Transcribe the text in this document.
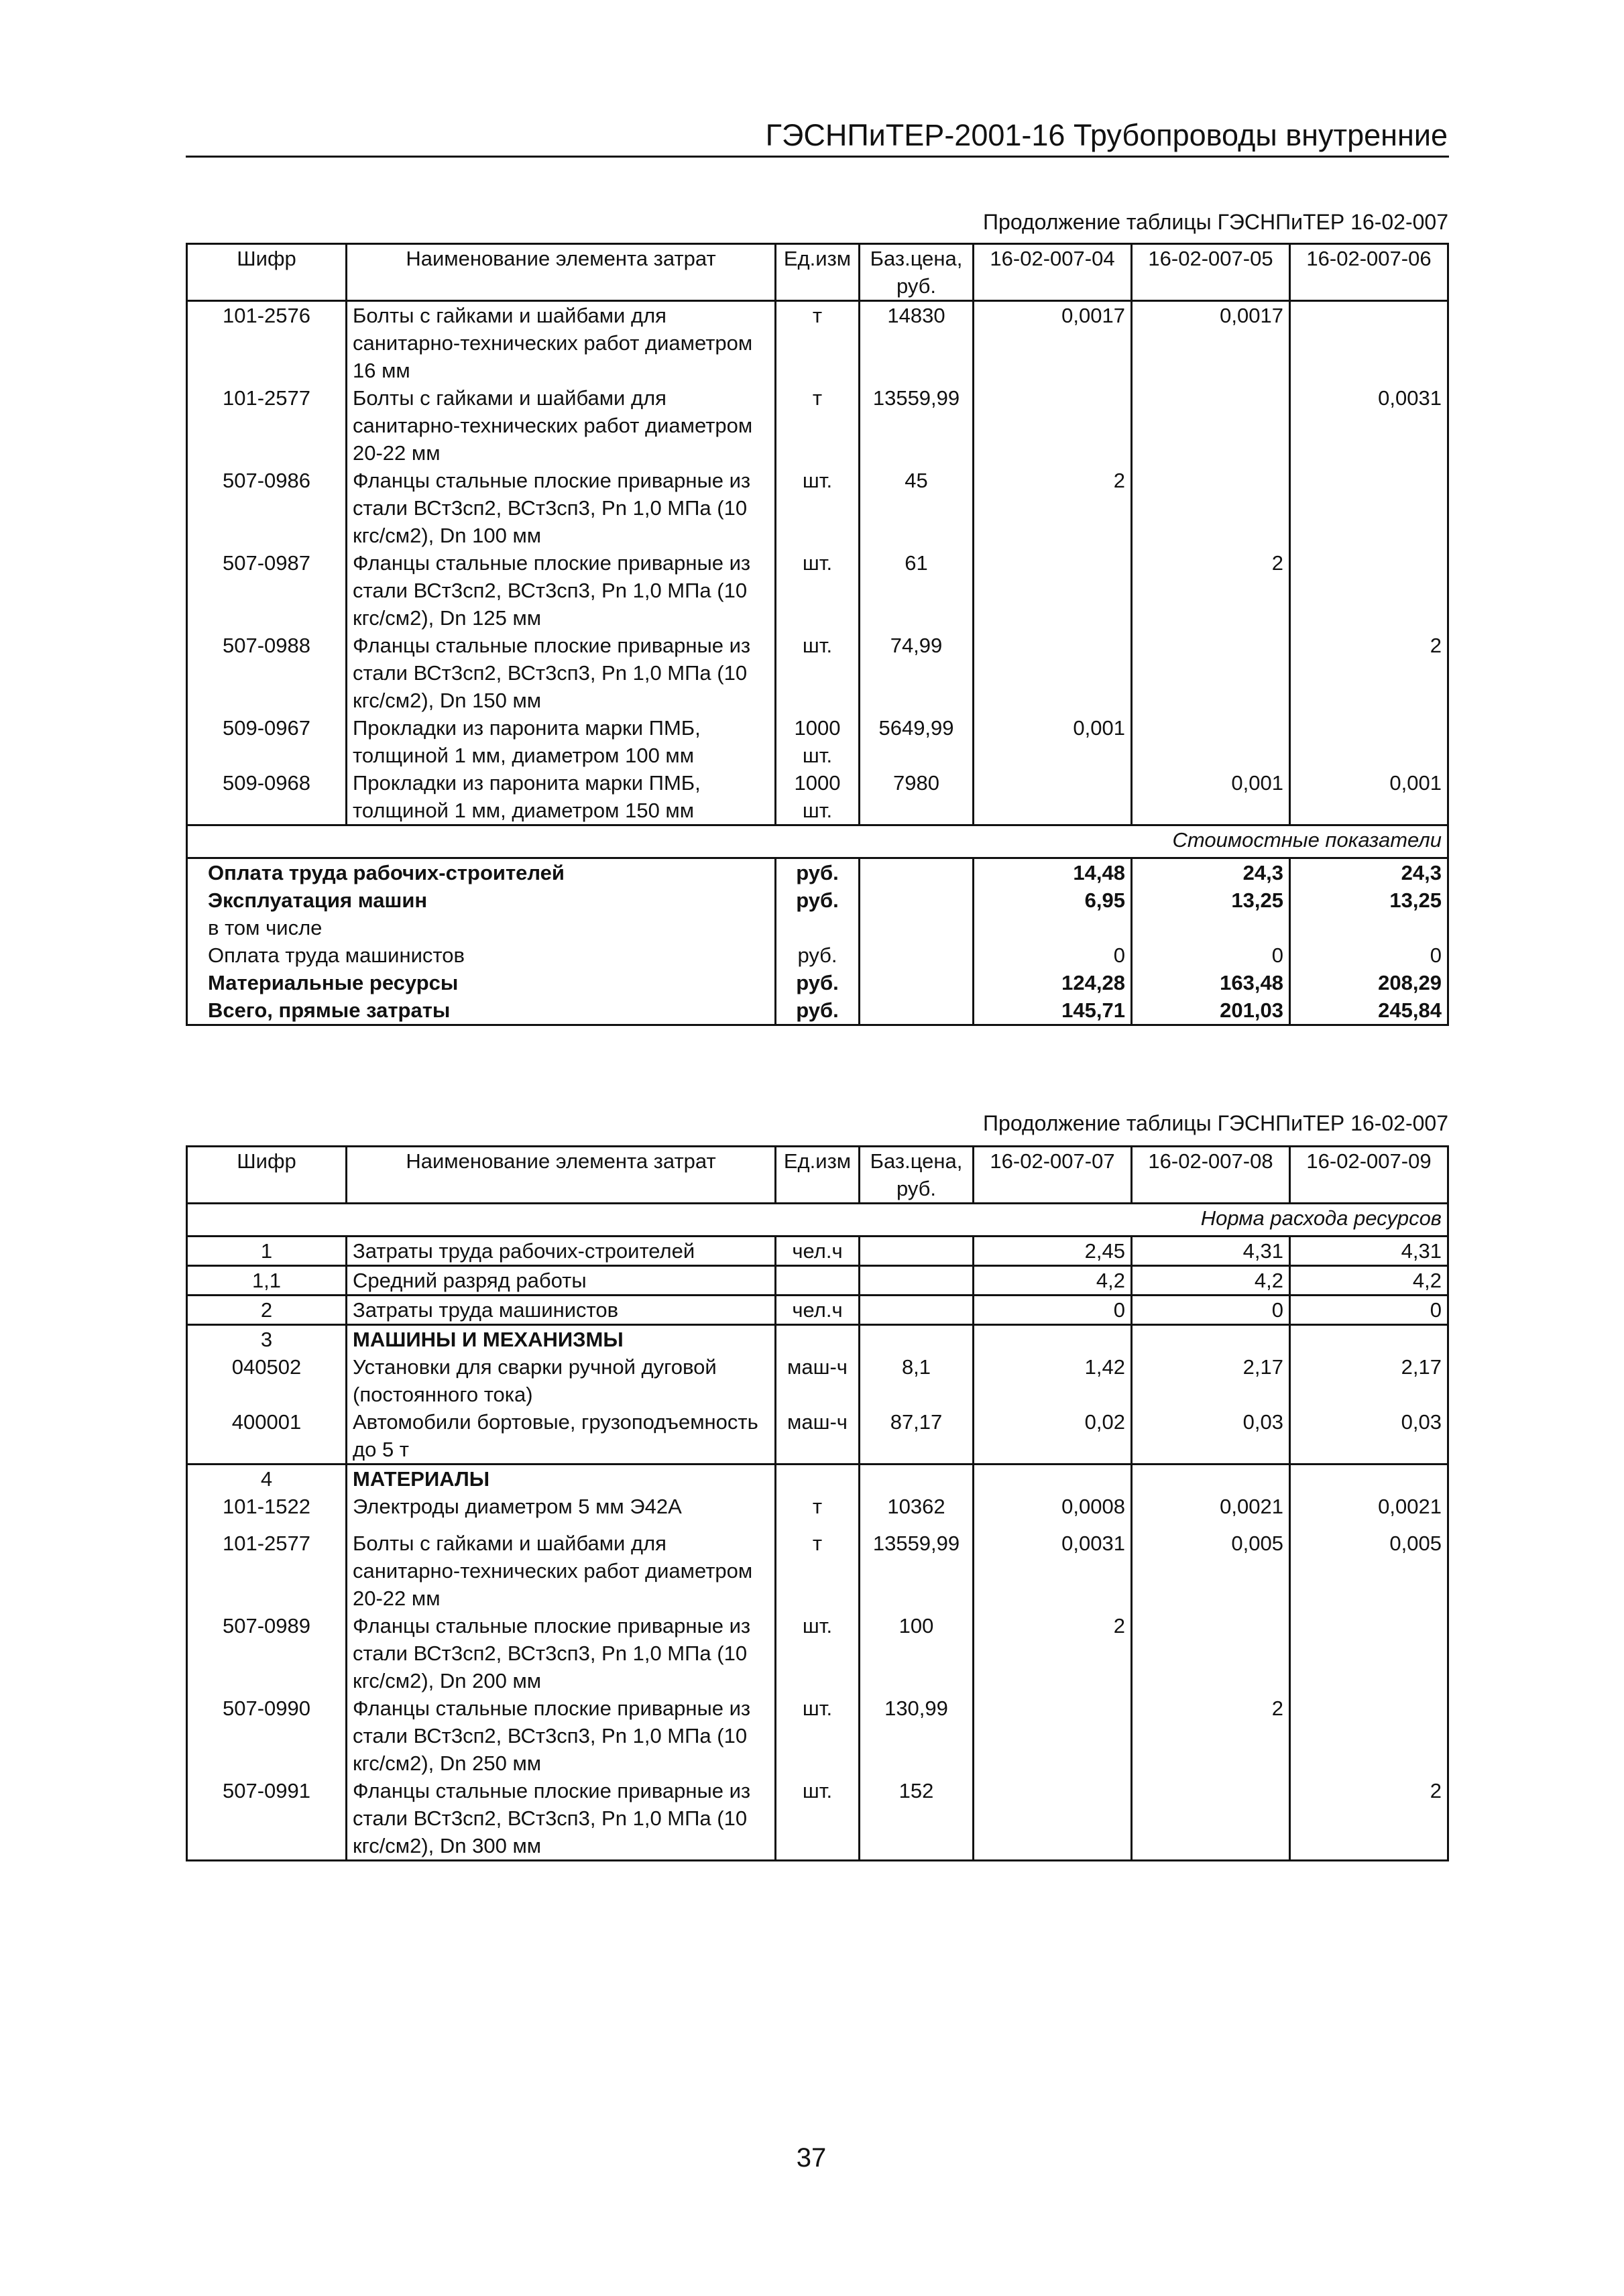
ГЭСНПиТЕР-2001-16 Трубопроводы внутренние
Продолжение таблицы ГЭСНПиТЕР 16-02-007
Шифр	Наименование элемента затрат	Ед.изм	Баз.цена, руб.	16-02-007-04	16-02-007-05	16-02-007-06
101-2576	Болты с гайками и шайбами для санитарно-технических работ диаметром 16 мм	т	14830	0,0017	0,0017	
101-2577	Болты с гайками и шайбами для санитарно-технических работ диаметром 20-22 мм	т	13559,99			0,0031
507-0986	Фланцы стальные плоские приварные из стали ВСт3сп2, ВСт3сп3, Рn 1,0 МПа (10 кгс/см2), Dn 100 мм	шт.	45	2		
507-0987	Фланцы стальные плоские приварные из стали ВСт3сп2, ВСт3сп3, Рn 1,0 МПа (10 кгс/см2), Dn 125 мм	шт.	61		2	
507-0988	Фланцы стальные плоские приварные из стали ВСт3сп2, ВСт3сп3, Рn 1,0 МПа (10 кгс/см2), Dn 150 мм	шт.	74,99			2
509-0967	Прокладки из паронита марки ПМБ, толщиной 1 мм, диаметром 100 мм	1000 шт.	5649,99	0,001		
509-0968	Прокладки из паронита марки ПМБ, толщиной 1 мм, диаметром 150 мм	1000 шт.	7980		0,001	0,001
Стоимостные показатели						
Оплата труда рабочих-строителей		руб.		14,48	24,3	24,3
Эксплуатация машин		руб.		6,95	13,25	13,25
в том числе						
Оплата труда машинистов		руб.		0	0	0
Материальные ресурсы		руб.		124,28	163,48	208,29
Всего, прямые затраты		руб.		145,71	201,03	245,84
Продолжение таблицы ГЭСНПиТЕР 16-02-007
Шифр	Наименование элемента затрат	Ед.изм	Баз.цена, руб.	16-02-007-07	16-02-007-08	16-02-007-09
Норма расхода ресурсов						
1	Затраты труда рабочих-строителей	чел.ч		2,45	4,31	4,31
1,1	Средний разряд работы			4,2	4,2	4,2
2	Затраты труда машинистов	чел.ч		0	0	0
3	МАШИНЫ И МЕХАНИЗМЫ					
040502	Установки для сварки ручной дуговой (постоянного тока)	маш-ч	8,1	1,42	2,17	2,17
400001	Автомобили бортовые, грузоподъемность до 5 т	маш-ч	87,17	0,02	0,03	0,03
4	МАТЕРИАЛЫ					
101-1522	Электроды диаметром 5 мм Э42А	т	10362	0,0008	0,0021	0,0021
101-2577	Болты с гайками и шайбами для санитарно-технических работ диаметром 20-22 мм	т	13559,99	0,0031	0,005	0,005
507-0989	Фланцы стальные плоские приварные из стали ВСт3сп2, ВСт3сп3, Рn 1,0 МПа (10 кгс/см2), Dn 200 мм	шт.	100	2		
507-0990	Фланцы стальные плоские приварные из стали ВСт3сп2, ВСт3сп3, Рn 1,0 МПа (10 кгс/см2), Dn 250 мм	шт.	130,99		2	
507-0991	Фланцы стальные плоские приварные из стали ВСт3сп2, ВСт3сп3, Рn 1,0 МПа (10 кгс/см2), Dn 300 мм	шт.	152			2
37
